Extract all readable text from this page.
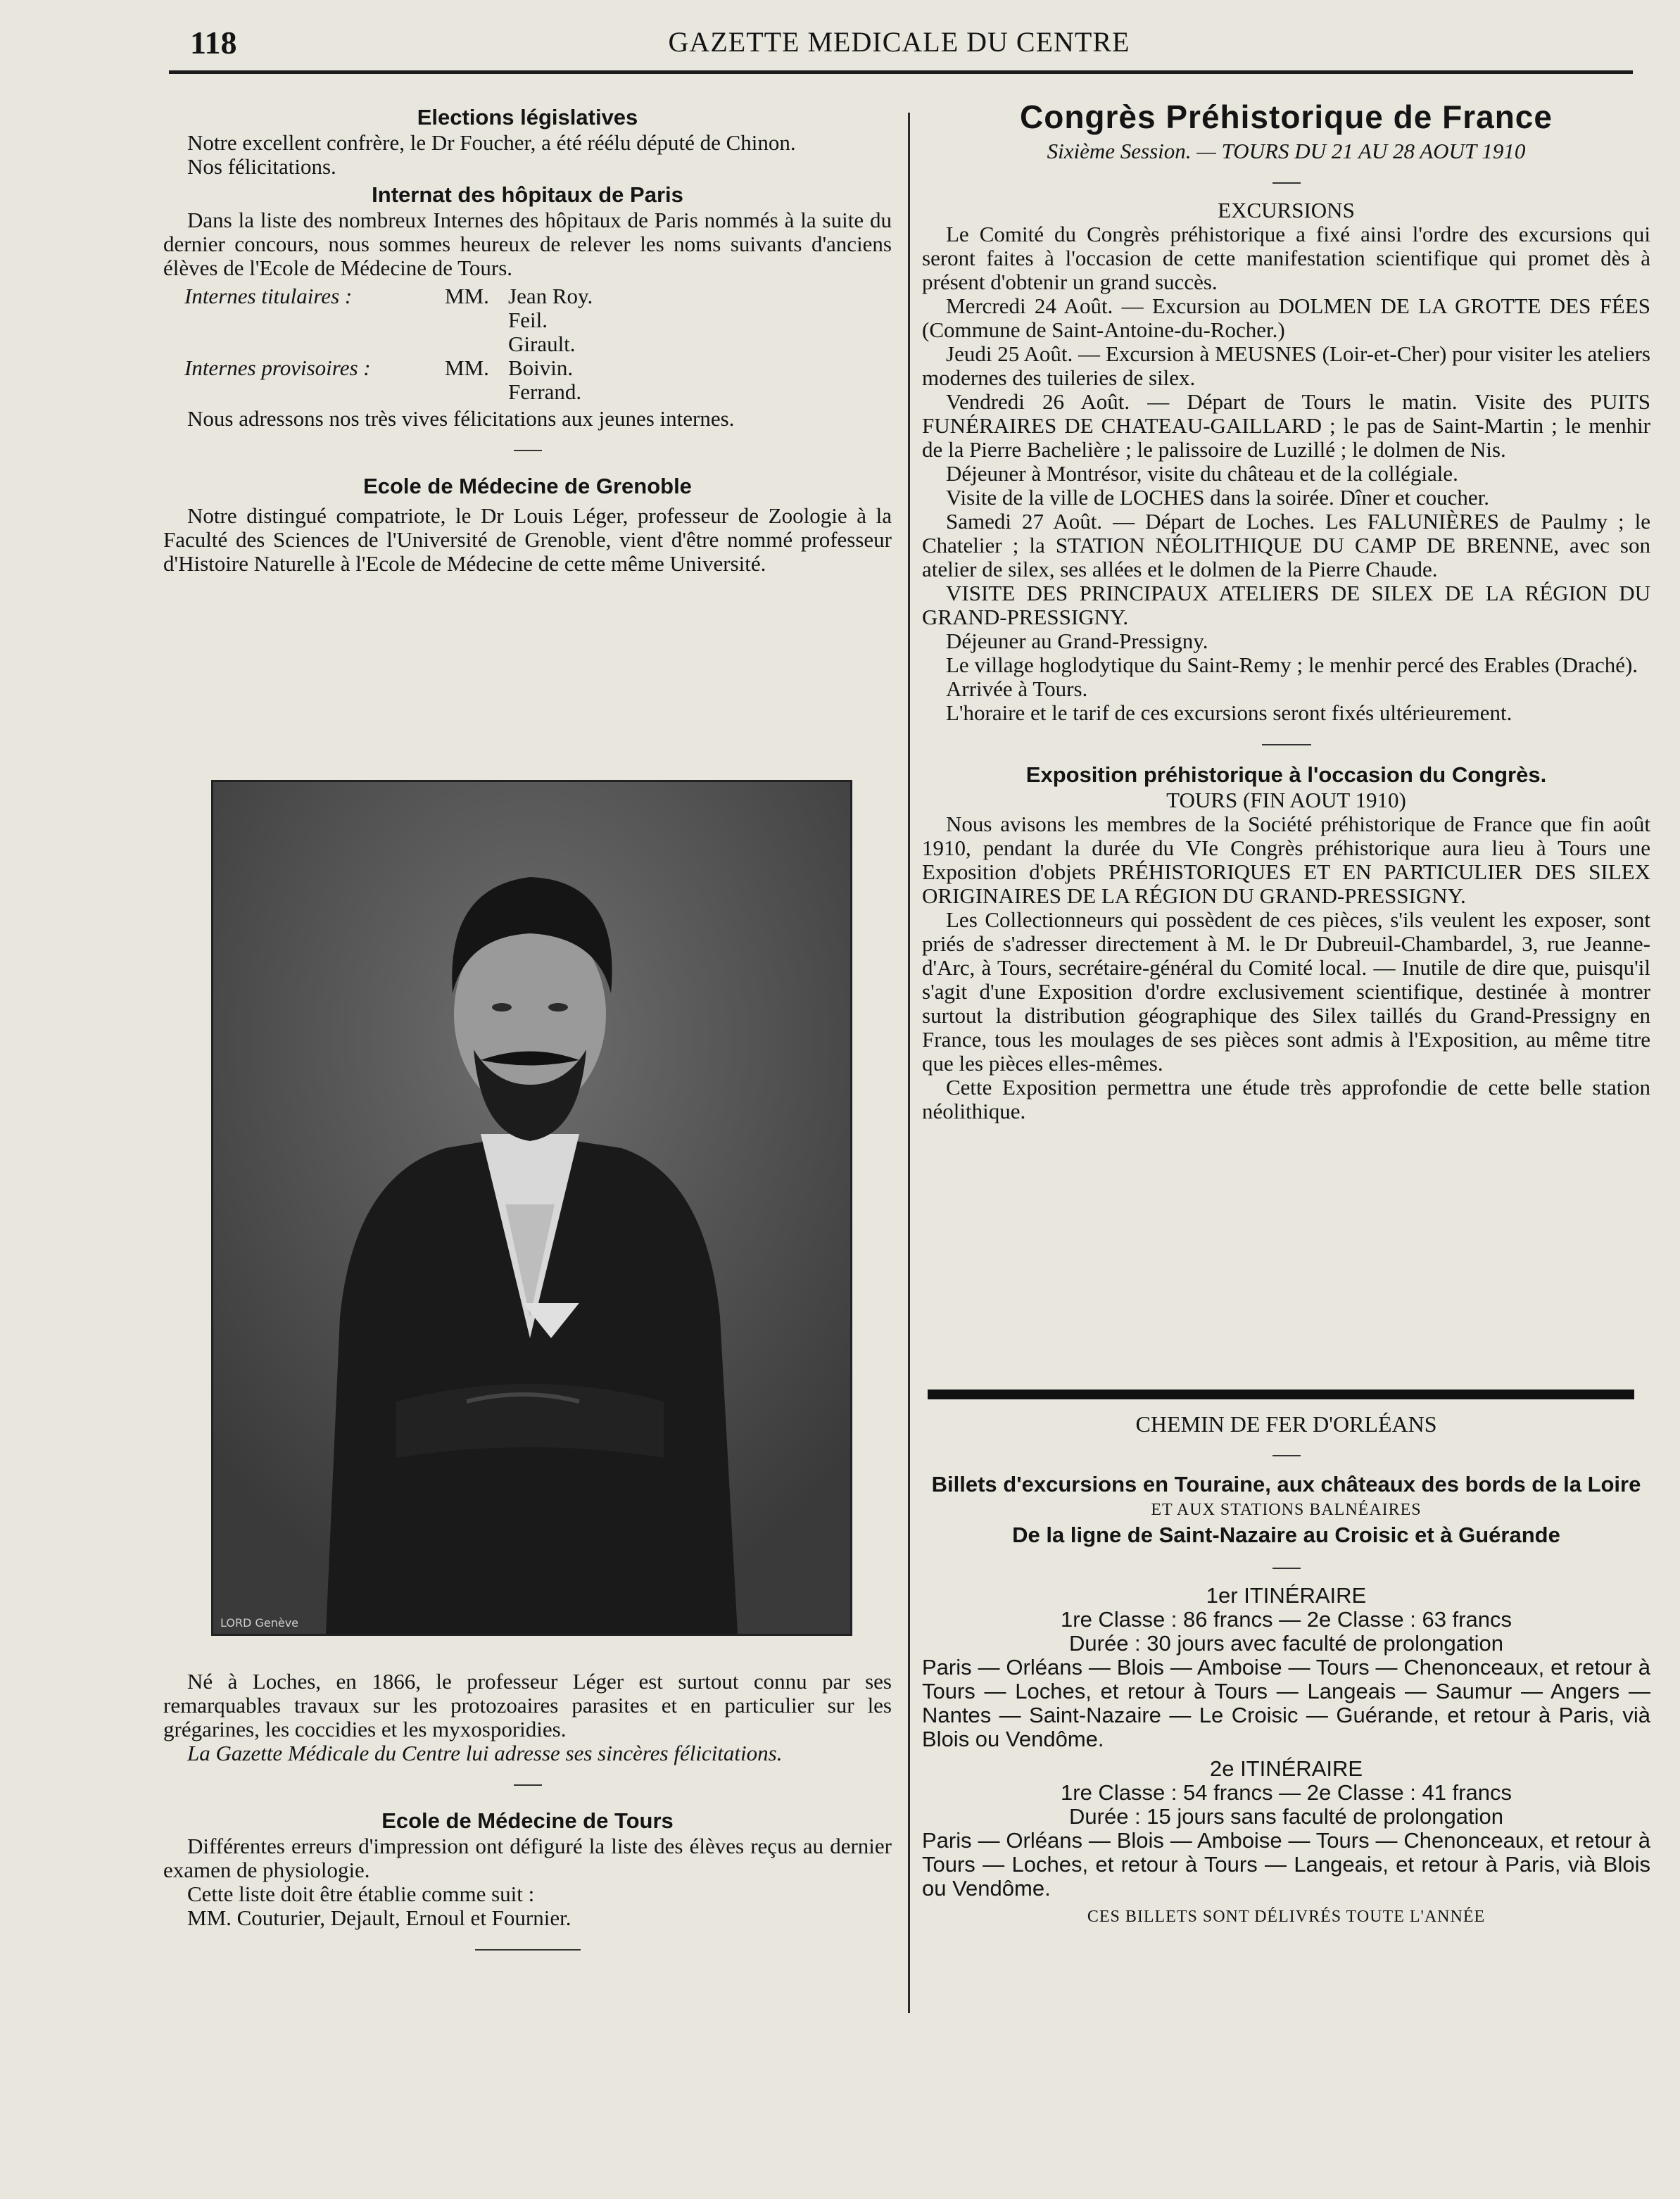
118	GAZETTE MEDICALE DU CENTRE
Elections législatives

Notre excellent confrère, le Dr Foucher, a été réélu député de Chinon.

Nos félicitations.

Internat des hôpitaux de Paris

Dans la liste des nombreux Internes des hôpitaux de Paris nommés à la suite du dernier concours, nous sommes heureux de relever les noms suivants d'anciens élèves de l'Ecole de Médecine de Tours.

Internes titulaires :	MM. Jean Roy.
Feil.
Girault.
Internes provisoires :	MM. Boivin.
Ferrand.

Nous adressons nos très vives félicitations aux jeunes internes.

Ecole de Médecine de Grenoble

Notre distingué compatriote, le Dr Louis Léger, professeur de Zoologie à la Faculté des Sciences de l'Université de Grenoble, vient d'être nommé professeur d'Histoire Naturelle à l'Ecole de Médecine de cette même Université.

LORD Genève

Né à Loches, en 1866, le professeur Léger est surtout connu par ses remarquables travaux sur les protozoaires parasites et en particulier sur les grégarines, les coccidies et les myxosporidies.

La Gazette Médicale du Centre lui adresse ses sincères félicitations.

Ecole de Médecine de Tours

Différentes erreurs d'impression ont défiguré la liste des élèves reçus au dernier examen de physiologie.

Cette liste doit être établie comme suit :

MM. Couturier, Dejault, Ernoul et Fournier.

Congrès Préhistorique de France

Sixième Session. — TOURS DU 21 AU 28 AOUT 1910

EXCURSIONS

Le Comité du Congrès préhistorique a fixé ainsi l'ordre des excursions qui seront faites à l'occasion de cette manifestation scientifique qui promet dès à présent d'obtenir un grand succès.

Mercredi 24 Août. — Excursion au DOLMEN DE LA GROTTE DES FÉES (Commune de Saint-Antoine-du-Rocher.)

Jeudi 25 Août. — Excursion à MEUSNES (Loir-et-Cher) pour visiter les ateliers modernes des tuileries de silex.

Vendredi 26 Août. — Départ de Tours le matin. Visite des PUITS FUNÉRAIRES DE CHATEAU-GAILLARD ; le pas de Saint-Martin ; le menhir de la Pierre Bachelière ; le palissoire de Luzillé ; le dolmen de Nis.

Déjeuner à Montrésor, visite du château et de la collégiale.

Visite de la ville de LOCHES dans la soirée. Dîner et coucher.

Samedi 27 Août. — Départ de Loches. Les FALUNIÈRES de Paulmy ; le Chatelier ; la STATION NÉOLITHIQUE DU CAMP DE BRENNE, avec son atelier de silex, ses allées et le dolmen de la Pierre Chaude.

VISITE DES PRINCIPAUX ATELIERS DE SILEX DE LA RÉGION DU GRAND-PRESSIGNY.

Déjeuner au Grand-Pressigny.

Le village hoglodytique du Saint-Remy ; le menhir percé des Erables (Draché).

Arrivée à Tours.

L'horaire et le tarif de ces excursions seront fixés ultérieurement.

Exposition préhistorique à l'occasion du Congrès.

TOURS (FIN AOUT 1910)

Nous avisons les membres de la Société préhistorique de France que fin août 1910, pendant la durée du VIe Congrès préhistorique aura lieu à Tours une Exposition d'objets PRÉHISTORIQUES ET EN PARTICULIER DES SILEX ORIGINAIRES DE LA RÉGION DU GRAND-PRESSIGNY.

Les Collectionneurs qui possèdent de ces pièces, s'ils veulent les exposer, sont priés de s'adresser directement à M. le Dr Dubreuil-Chambardel, 3, rue Jeanne-d'Arc, à Tours, secrétaire-général du Comité local. — Inutile de dire que, puisqu'il s'agit d'une Exposition d'ordre exclusivement scientifique, destinée à montrer surtout la distribution géographique des Silex taillés du Grand-Pressigny en France, tous les moulages de ses pièces sont admis à l'Exposition, au même titre que les pièces elles-mêmes.

Cette Exposition permettra une étude très approfondie de cette belle station néolithique.

CHEMIN DE FER D'ORLÉANS

Billets d'excursions en Touraine, aux châteaux des bords de la Loire

ET AUX STATIONS BALNÉAIRES

De la ligne de Saint-Nazaire au Croisic et à Guérande

1er ITINÉRAIRE

1re Classe : 86 francs — 2e Classe : 63 francs

Durée : 30 jours avec faculté de prolongation

Paris — Orléans — Blois — Amboise — Tours — Chenonceaux, et retour à Tours — Loches, et retour à Tours — Langeais — Saumur — Angers — Nantes — Saint-Nazaire — Le Croisic — Guérande, et retour à Paris, vià Blois ou Vendôme.

2e ITINÉRAIRE

1re Classe : 54 francs — 2e Classe : 41 francs

Durée : 15 jours sans faculté de prolongation

Paris — Orléans — Blois — Amboise — Tours — Chenonceaux, et retour à Tours — Loches, et retour à Tours — Langeais, et retour à Paris, vià Blois ou Vendôme.

CES BILLETS SONT DÉLIVRÉS TOUTE L'ANNÉE
